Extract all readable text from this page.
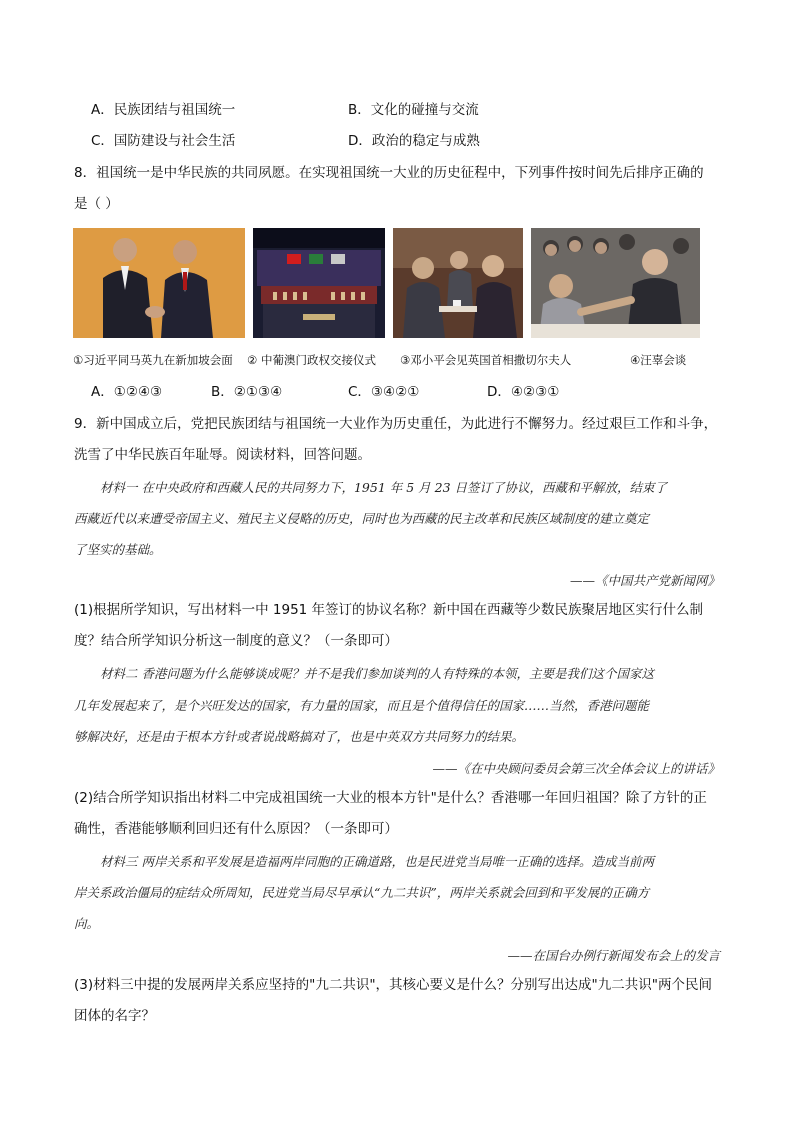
A．民族团结与祖国统一	B．文化的碰撞与交流
C．国防建设与社会生活	D．政治的稳定与成熟
8．祖国统一是中华民族的共同夙愿。在实现祖国统一大业的历史征程中，下列事件按时间先后排序正确的
是（ ）
①习近平同马英九在新加坡会面 ② 中葡澳门政权交接仪式 ③邓小平会见英国首相撒切尔夫人	④汪辜会谈
A．①②④③	B．②①③④	C．③④②①	D．④②③①
9．新中国成立后，党把民族团结与祖国统一大业作为历史重任，为此进行不懈努力。经过艰巨工作和斗争，
洗雪了中华民族百年耻辱。阅读材料，回答问题。
材料一 在中央政府和西藏人民的共同努力下，1951 年 5 月 23 日签订了协议，西藏和平解放，结束了
西藏近代以来遭受帝国主义、殖民主义侵略的历史，同时也为西藏的民主改革和民族区域制度的建立奠定
了坚实的基础。
——《中国共产党新闻网》
(1)根据所学知识，写出材料一中 1951 年签订的协议名称？新中国在西藏等少数民族聚居地区实行什么制
度？结合所学知识分析这一制度的意义？（一条即可）
材料二 香港问题为什么能够谈成呢？并不是我们参加谈判的人有特殊的本领，主要是我们这个国家这
几年发展起来了，是个兴旺发达的国家，有力量的国家，而且是个值得信任的国家……当然，香港问题能
够解决好，还是由于根本方针或者说战略搞对了，也是中英双方共同努力的结果。
——《在中央顾问委员会第三次全体会议上的讲话》
(2)结合所学知识指出材料二中完成祖国统一大业的根本方针"是什么？香港哪一年回归祖国？除了方针的正
确性，香港能够顺利回归还有什么原因？（一条即可）
材料三 两岸关系和平发展是造福两岸同胞的正确道路，也是民进党当局唯一正确的选择。造成当前两
岸关系政治僵局的症结众所周知，民进党当局尽早承认“九二共识”，两岸关系就会回到和平发展的正确方
向。
——在国台办例行新闻发布会上的发言
(3)材料三中提的发展两岸关系应坚持的"九二共识"，其核心要义是什么？分别写出达成"九二共识"两个民间
团体的名字？
